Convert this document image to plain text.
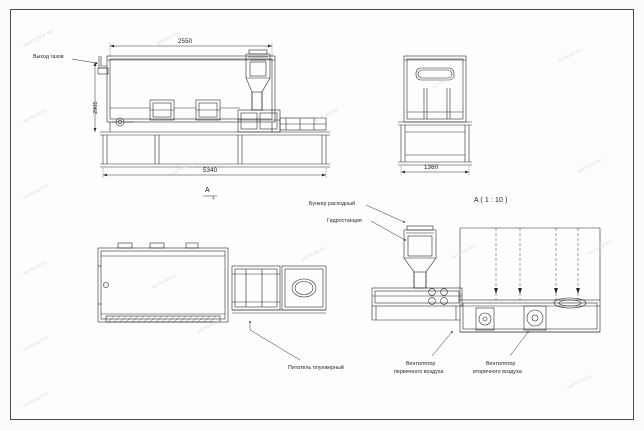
Выход газов
2550
2905
5340	1360
A
1	A ( 1 : 10 )
Бункер расходный
Гидростанция
Питатель плунжерный
Вентилятор
первичного воздуха
Вентилятор
вторичного воздуха
ЧЕРТЕЖИ.RU
ЧЕРТЕЖИ.RU
ЧЕРТЕЖИ.RU
ЧЕРТЕЖИ.RU
ЧЕРТЕЖИ.RU
ЧЕРТЕЖИ.RU
ЧЕРТЕЖИ.RU
ЧЕРТЕЖИ.RU
ЧЕРТЕЖИ.RU
ЧЕРТЕЖИ.RU
ЧЕРТЕЖИ.RU
ЧЕРТЕЖИ.RU
ЧЕРТЕЖИ.RU
ЧЕРТЕЖИ.RU
ЧЕРТЕЖИ.RU
ЧЕРТЕЖИ.RU
ЧЕРТЕЖИ.RU
ЧЕРТЕЖИ.RU
